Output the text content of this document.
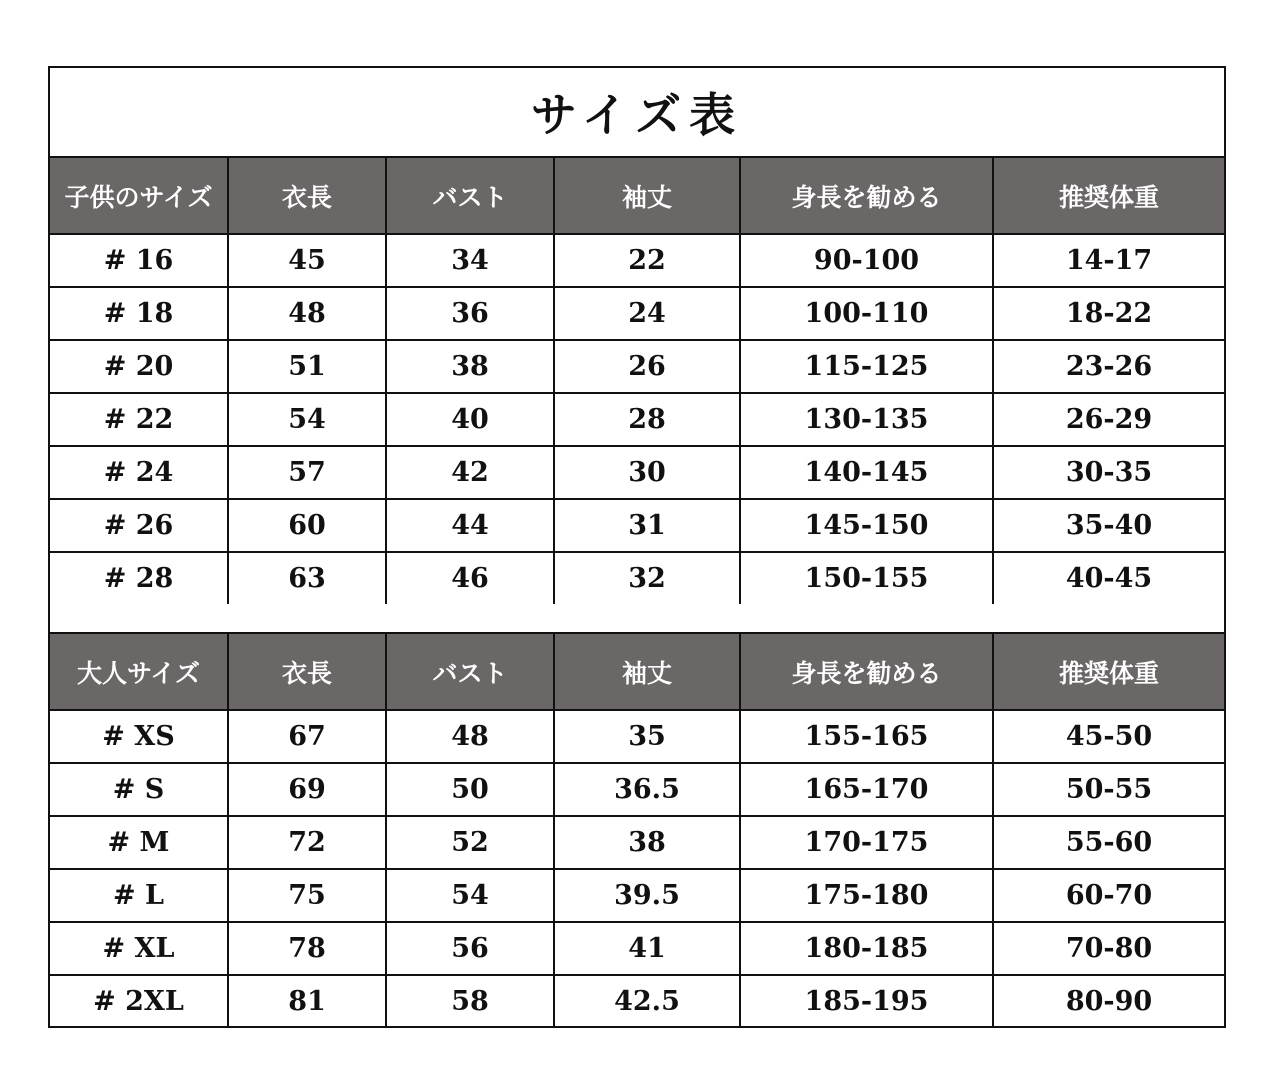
サイズ表
子供のサイズ	衣長	バスト	袖丈	身長を勧める	推奨体重
# 16	45	34	22	90-100	14-17
# 18	48	36	24	100-110	18-22
# 20	51	38	26	115-125	23-26
# 22	54	40	28	130-135	26-29
# 24	57	42	30	140-145	30-35
# 26	60	44	31	145-150	35-40
# 28	63	46	32	150-155	40-45
大人サイズ	衣長	バスト	袖丈	身長を勧める	推奨体重
# XS	67	48	35	155-165	45-50
# S	69	50	36.5	165-170	50-55
# M	72	52	38	170-175	55-60
# L	75	54	39.5	175-180	60-70
# XL	78	56	41	180-185	70-80
# 2XL	81	58	42.5	185-195	80-90
